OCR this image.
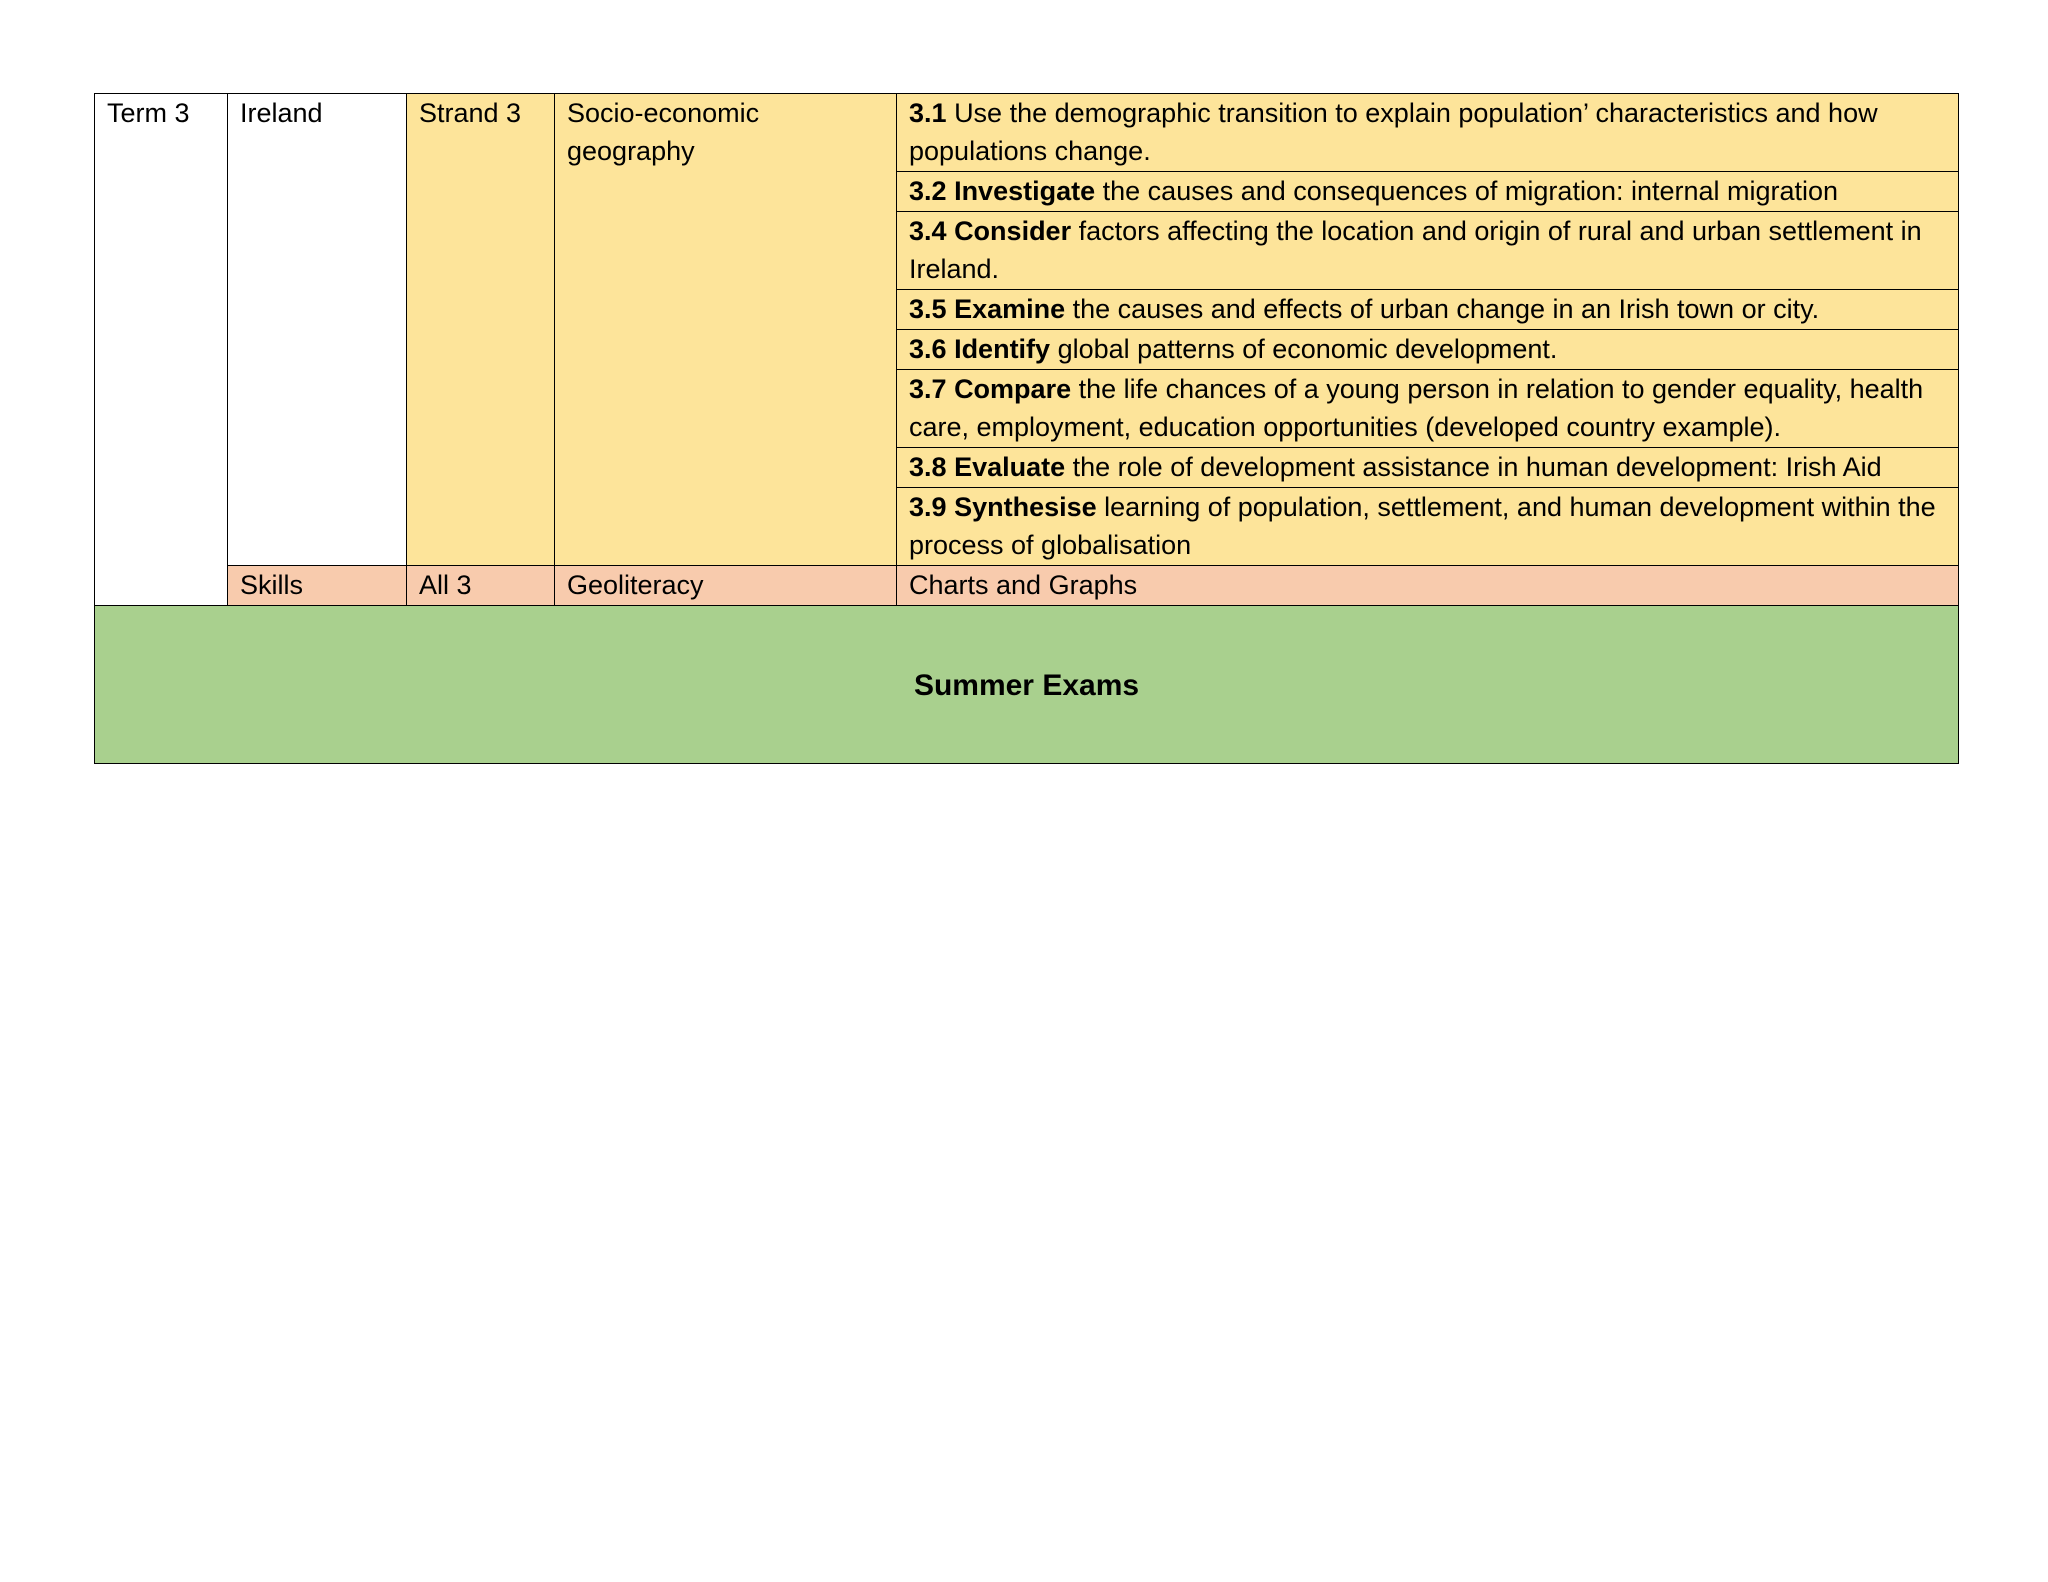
Term 3	Ireland	Strand 3	Socio-economic geography	3.1 Use the demographic transition to explain population’ characteristics and how populations change.
				3.2 Investigate the causes and consequences of migration: internal migration
				3.4 Consider factors affecting the location and origin of rural and urban settlement in Ireland.
				3.5 Examine the causes and effects of urban change in an Irish town or city.
				3.6 Identify global patterns of economic development.
				3.7 Compare the life chances of a young person in relation to gender equality, health care, employment, education opportunities (developed country example).
				3.8 Evaluate the role of development assistance in human development: Irish Aid
				3.9 Synthesise learning of population, settlement, and human development within the process of globalisation
	Skills	All 3	Geoliteracy	Charts and Graphs
Summer Exams				
